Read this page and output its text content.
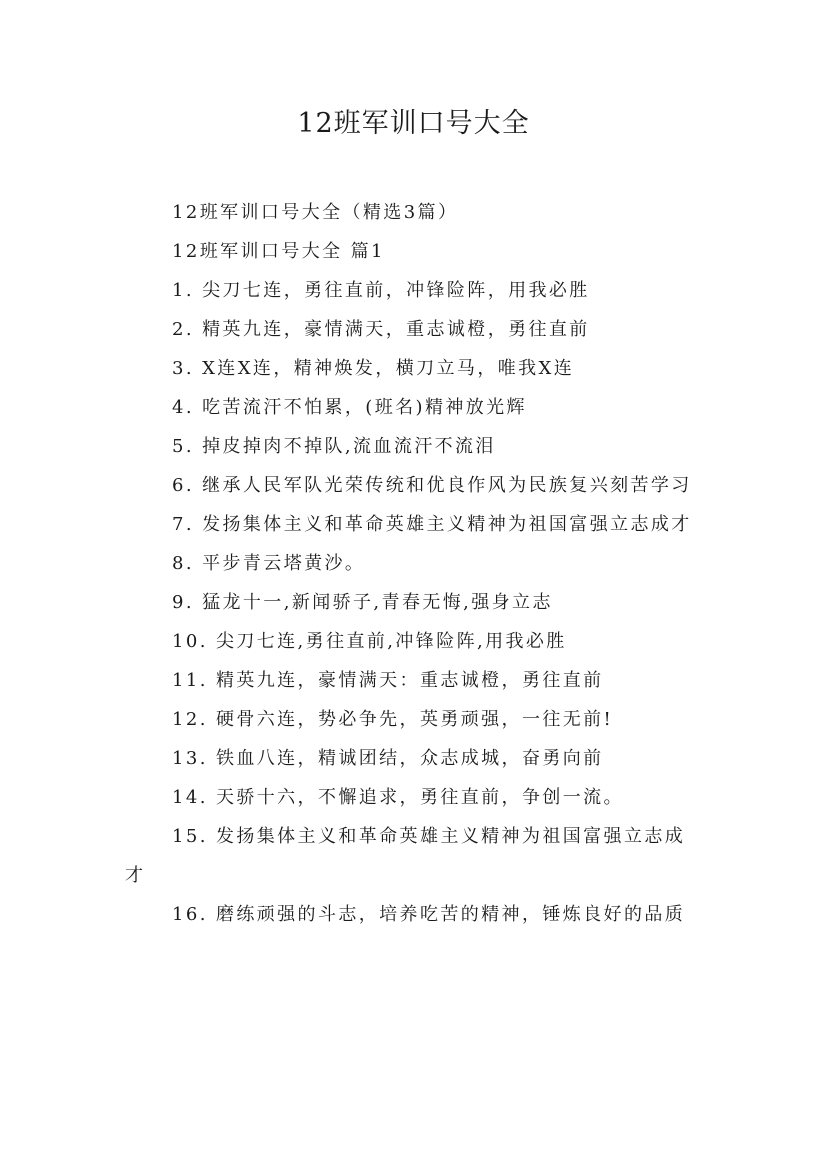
12班军训口号大全

12班军训口号大全（精选3篇）

12班军训口号大全 篇1

1. 尖刀七连，勇往直前，冲锋险阵，用我必胜

2. 精英九连，豪情满天，重志诚橙，勇往直前

3. X连X连，精神焕发，横刀立马，唯我X连

4. 吃苦流汗不怕累，(班名)精神放光辉

5. 掉皮掉肉不掉队,流血流汗不流泪

6. 继承人民军队光荣传统和优良作风为民族复兴刻苦学习

7. 发扬集体主义和革命英雄主义精神为祖国富强立志成才

8. 平步青云塔黄沙。

9. 猛龙十一,新闻骄子,青春无悔,强身立志

10. 尖刀七连,勇往直前,冲锋险阵,用我必胜

11. 精英九连，豪情满天：重志诚橙，勇往直前

12. 硬骨六连，势必争先，英勇顽强，一往无前!

13. 铁血八连，精诚团结，众志成城，奋勇向前

14. 天骄十六，不懈追求，勇往直前，争创一流。

15. 发扬集体主义和革命英雄主义精神为祖国富强立志成才

16. 磨练顽强的斗志，培养吃苦的精神，锤炼良好的品质
